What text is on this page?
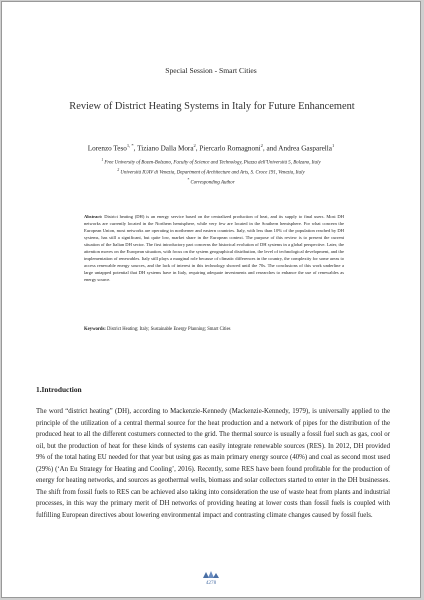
Special Session - Smart Cities
Review of District Heating Systems in Italy for Future Enhancement
Lorenzo Teso$^{1, *}$, Tiziano Dalla Mora$^2$, Piercarlo Romagnoni$^2$, and Andrea Gasparella$^1$
$^1$ Free University of Bozen-Bolzano, Faculty of Science and Technology, Piazza dell'Università 5, Bolzano, Italy
$^2$ Università IUAV di Venezia, Department of Architecture and Arts, S. Croce 191, Venezia, Italy
* Corresponding Author
Abstract: District heating (DH) is an energy service based on the centralized production of heat, and its supply to final users. Most DH networks are currently located in the Northern hemisphere, while very few are located in the Southern hemisphere. For what concern the European Union, most networks are operating in northerner and eastern countries. Italy, with less than 10% of the population reached by DH systems, has still a significant, but quite low, market share in the European context. The purpose of this review is to present the current situation of the Italian DH sector. The first introductory part concerns the historical evolution of DH systems in a global perspective. Later, the attention moves on the European situation, with focus on the system geographical distribution, the level of technological development, and the implementation of renewables. Italy still plays a marginal role because of climatic differences in the country, the complexity for some areas to access renewable energy sources, and the lack of interest in this technology showed until the 70s. The conclusions of this work underline a large untapped potential that DH systems have in Italy, requiring adequate investments and researches to enhance the use of renewables as energy source.
Keywords: District Heating; Italy; Sustainable Energy Planning; Smart Cities
1.Introduction
The word “district heating” (DH), according to Mackenzie-Kennedy (Mackenzie-Kennedy, 1979), is universally applied to the principle of the utilization of a central thermal source for the heat production and a network of pipes for the distribution of the produced heat to all the different costumers connected to the grid. The thermal source is usually a fossil fuel such as gas, cool or oil, but the production of heat for these kinds of systems can easily integrate renewable sources (RES). In 2012, DH provided 9% of the total hating EU needed for that year but using gas as main primary energy source (40%) and coal as second most used (29%) (‘An Eu Strategy for Heating and Cooling’, 2016). Recently, some RES have been found profitable for the production of energy for heating networks, and sources as geothermal wells, biomass and solar collectors started to enter in the DH businesses. The shift from fossil fuels to RES can be achieved also taking into consideration the use of waste heat from plants and industrial processes, in this way the primary merit of DH networks of providing heating at lower costs than fossil fuels is coupled with fulfilling European directives about lowering environmental impact and contrasting climate changes caused by fossil fuels.
4278
